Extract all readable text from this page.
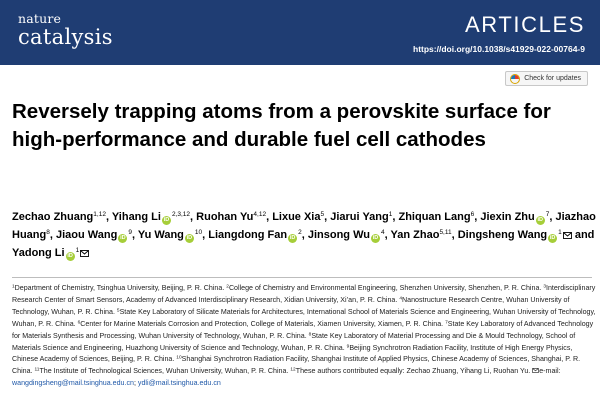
nature
catalysis	ARTICLES
https://doi.org/10.1038/s41929-022-00764-9
Check for updates
Reversely trapping atoms from a perovskite surface for high-performance and durable fuel cell cathodes
Zechao Zhuang$^{1,12}$, Yihang Li iD$^{2,3,12}$, Ruohan Yu$^{4,12}$, Lixue Xia$^5$, Jiarui Yang$^1$, Zhiquan Lang$^6$, Jiexin Zhu $iD^7$, Jiazhao Huang$^8$, Jiaou Wang $iD^9$, Yu Wang $iD^{10}$, Liangdong Fan $iD^2$, Jinsong Wu $iD^4$, Yan Zhao$^{5,11}$, Dingsheng Wang $iD^1$ and Yadong Li $iD^1$
$^1$Department of Chemistry, Tsinghua University, Beijing, P. R. China. $^2$College of Chemistry and Environmental Engineering, Shenzhen University, Shenzhen, P. R. China. $^3$Interdisciplinary Research Center of Smart Sensors, Academy of Advanced Interdisciplinary Research, Xidian University, Xi’an, P. R. China. $^4$Nanostructure Research Centre, Wuhan University of Technology, Wuhan, P. R. China. $^5$State Key Laboratory of Silicate Materials for Architectures, International School of Materials Science and Engineering, Wuhan University of Technology, Wuhan, P. R. China. $^6$Center for Marine Materials Corrosion and Protection, College of Materials, Xiamen University, Xiamen, P. R. China. $^7$State Key Laboratory of Advanced Technology for Materials Synthesis and Processing, Wuhan University of Technology, Wuhan, P. R. China. $^8$State Key Laboratory of Material Processing and Die & Mould Technology, School of Materials Science and Engineering, Huazhong University of Science and Technology, Wuhan, P. R. China. $^9$Beijing Synchrotron Radiation Facility, Institute of High Energy Physics, Chinese Academy of Sciences, Beijing, P. R. China. $^{10}$Shanghai Synchrotron Radiation Facility, Shanghai Institute of Applied Physics, Chinese Academy of Sciences, Shanghai, P. R. China. $^{11}$The Institute of Technological Sciences, Wuhan University, Wuhan, P. R. China. $^{12}$These authors contributed equally: Zechao Zhuang, Yihang Li, Ruohan Yu. e-mail: wangdingsheng@mail.tsinghua.edu.cn; ydli@mail.tsinghua.edu.cn
